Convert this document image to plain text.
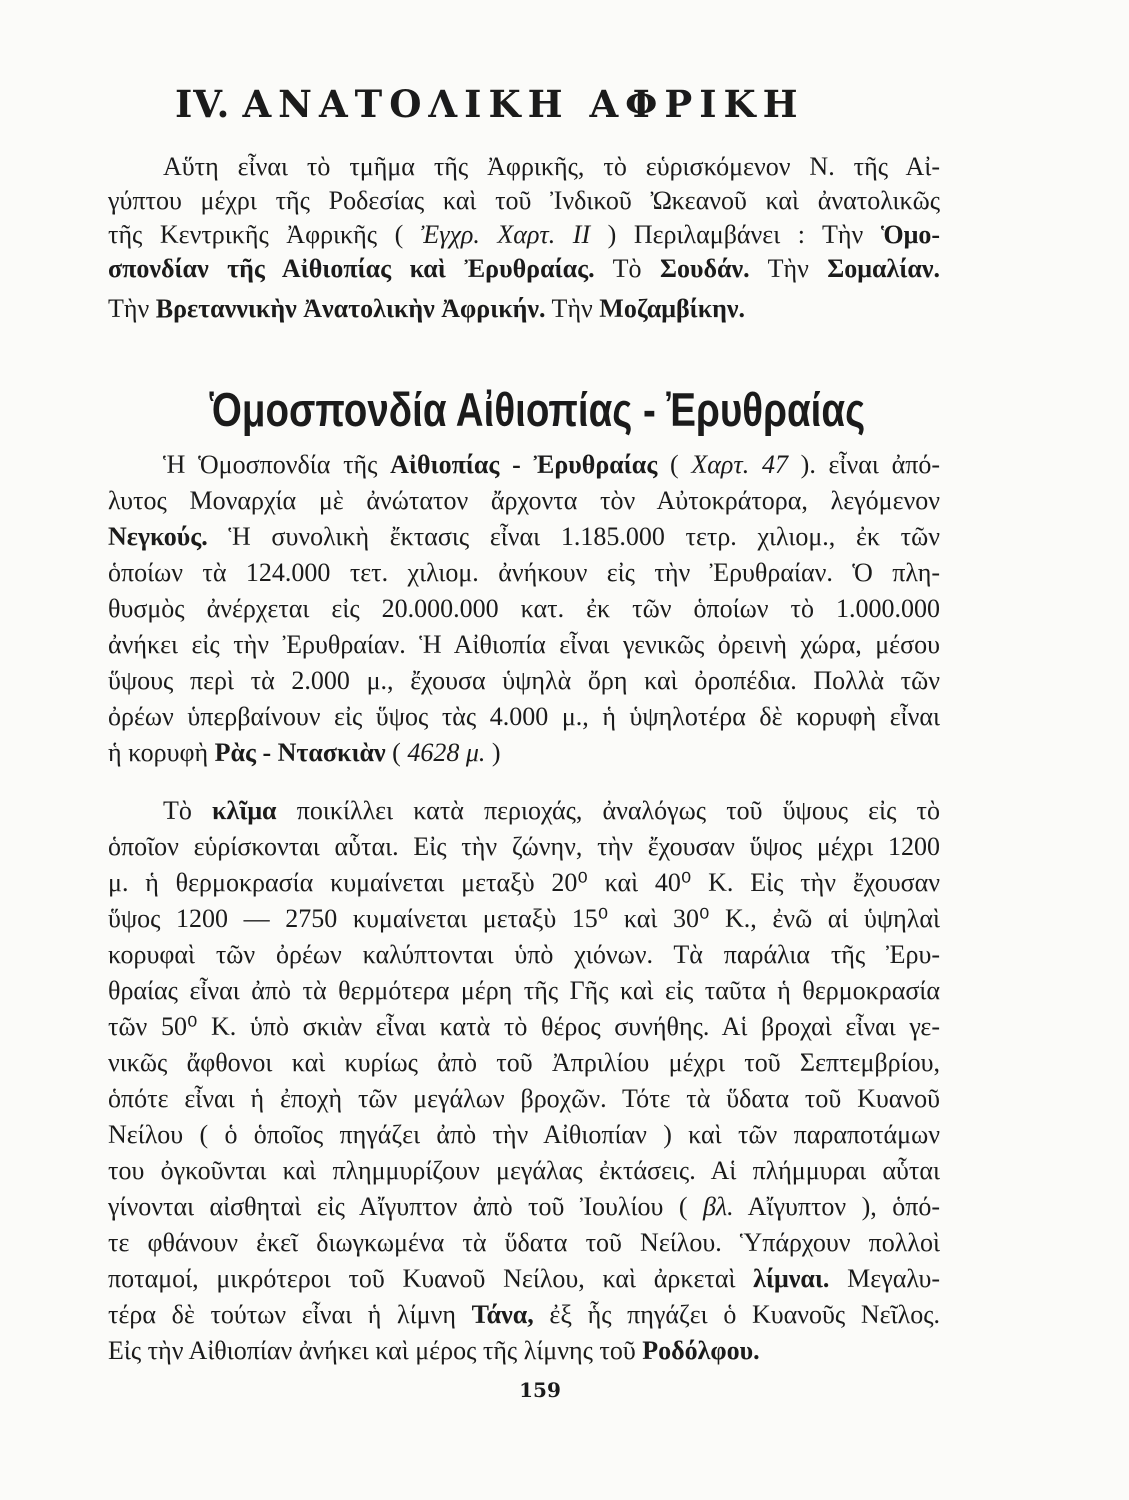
IV. ΑΝΑΤΟΛΙΚΗ ΑΦΡΙΚΗ
Αὕτη εἶναι τὸ τμῆμα τῆς Ἀφρικῆς, τὸ εὑρισκόμενον Ν. τῆς Αἰ-
γύπτου μέχρι τῆς Ροδεσίας καὶ τοῦ Ἰνδικοῦ Ὠκεανοῦ καὶ ἀνατολικῶς
τῆς Κεντρικῆς Ἀφρικῆς ( Ἐγχρ. Χαρτ. II ) Περιλαμβάνει : Τὴν Ὁμο-
σπονδίαν τῆς Αἰθιοπίας καὶ Ἐρυθραίας. Τὸ Σουδάν. Τὴν Σομαλίαν.
Τὴν Βρεταννικὴν Ἀνατολικὴν Ἀφρικήν. Τὴν Μοζαμβίκην.
Ὁμοσπονδία Αἰθιοπίας - Ἐρυθραίας
Ἡ Ὁμοσπονδία τῆς Αἰθιοπίας - Ἐρυθραίας ( Χαρτ. 47 ). εἶναι ἀπό-
λυτος Μοναρχία μὲ ἀνώτατον ἄρχοντα τὸν Αὐτοκράτορα, λεγόμενον
Νεγκούς. Ἡ συνολικὴ ἔκτασις εἶναι 1.185.000 τετρ. χιλιομ., ἐκ τῶν
ὁποίων τὰ 124.000 τετ. χιλιομ. ἀνήκουν εἰς τὴν Ἐρυθραίαν. Ὁ πλη-
θυσμὸς ἀνέρχεται εἰς 20.000.000 κατ. ἐκ τῶν ὁποίων τὸ 1.000.000
ἀνήκει εἰς τὴν Ἐρυθραίαν. Ἡ Αἰθιοπία εἶναι γενικῶς ὀρεινὴ χώρα, μέσου
ὕψους περὶ τὰ 2.000 μ., ἔχουσα ὑψηλὰ ὄρη καὶ ὀροπέδια. Πολλὰ τῶν
ὀρέων ὑπερβαίνουν εἰς ὕψος τὰς 4.000 μ., ἡ ὑψηλοτέρα δὲ κορυφὴ εἶναι
ἡ κορυφὴ Ρὰς - Ντασκιὰν ( 4628 μ. )
Τὸ κλῖμα ποικίλλει κατὰ περιοχάς, ἀναλόγως τοῦ ὕψους εἰς τὸ
ὁποῖον εὑρίσκονται αὗται. Εἰς τὴν ζώνην, τὴν ἔχουσαν ὕψος μέχρι 1200
μ. ἡ θερμοκρασία κυμαίνεται μεταξὺ 20⁰ καὶ 40⁰ Κ. Εἰς τὴν ἔχουσαν
ὕψος 1200 — 2750 κυμαίνεται μεταξὺ 15⁰ καὶ 30⁰ Κ., ἐνῶ αἱ ὑψηλαὶ
κορυφαὶ τῶν ὀρέων καλύπτονται ὑπὸ χιόνων. Τὰ παράλια τῆς Ἐρυ-
θραίας εἶναι ἀπὸ τὰ θερμότερα μέρη τῆς Γῆς καὶ εἰς ταῦτα ἡ θερμοκρασία
τῶν 50⁰ Κ. ὑπὸ σκιὰν εἶναι κατὰ τὸ θέρος συνήθης. Αἱ βροχαὶ εἶναι γε-
νικῶς ἄφθονοι καὶ κυρίως ἀπὸ τοῦ Ἀπριλίου μέχρι τοῦ Σεπτεμβρίου,
ὁπότε εἶναι ἡ ἐποχὴ τῶν μεγάλων βροχῶν. Τότε τὰ ὕδατα τοῦ Κυανοῦ
Νείλου ( ὁ ὁποῖος πηγάζει ἀπὸ τὴν Αἰθιοπίαν ) καὶ τῶν παραποτάμων
του ὀγκοῦνται καὶ πλημμυρίζουν μεγάλας ἐκτάσεις. Αἱ πλήμμυραι αὗται
γίνονται αἰσθηταὶ εἰς Αἴγυπτον ἀπὸ τοῦ Ἰουλίου ( βλ. Αἴγυπτον ), ὁπό-
τε φθάνουν ἐκεῖ διωγκωμένα τὰ ὕδατα τοῦ Νείλου. Ὑπάρχουν πολλοὶ
ποταμοί, μικρότεροι τοῦ Κυανοῦ Νείλου, καὶ ἀρκεταὶ λίμναι. Μεγαλυ-
τέρα δὲ τούτων εἶναι ἡ λίμνη Τάνα, ἐξ ἧς πηγάζει ὁ Κυανοῦς Νεῖλος.
Εἰς τὴν Αἰθιοπίαν ἀνήκει καὶ μέρος τῆς λίμνης τοῦ Ροδόλφου.
159
